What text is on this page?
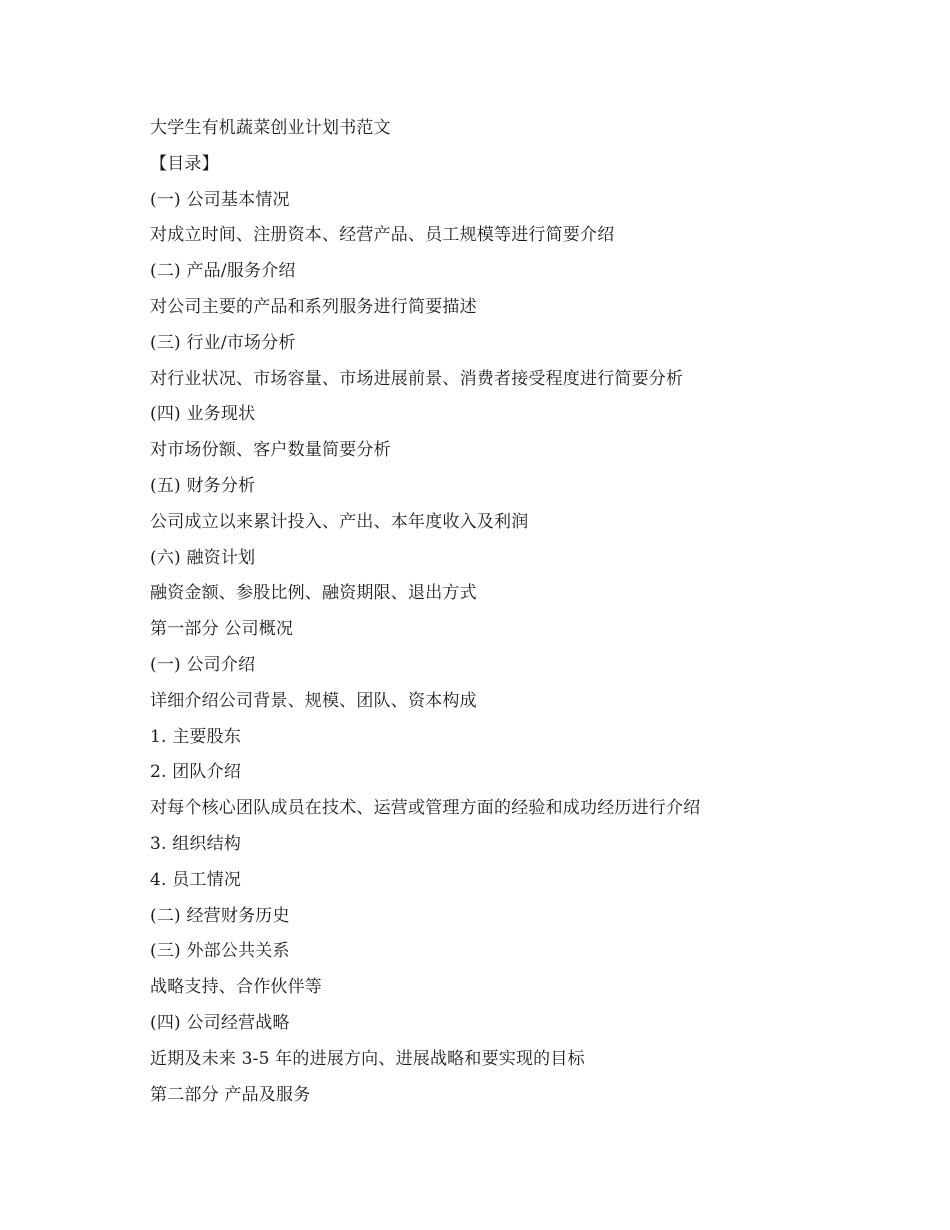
大学生有机蔬菜创业计划书范文
【目录】
(一) 公司基本情况
对成立时间、注册资本、经营产品、员工规模等进行简要介绍
(二) 产品/服务介绍
对公司主要的产品和系列服务进行简要描述
(三) 行业/市场分析
对行业状况、市场容量、市场进展前景、消费者接受程度进行简要分析
(四) 业务现状
对市场份额、客户数量简要分析
(五) 财务分析
公司成立以来累计投入、产出、本年度收入及利润
(六) 融资计划
融资金额、参股比例、融资期限、退出方式
第一部分 公司概况
(一) 公司介绍
详细介绍公司背景、规模、团队、资本构成
1. 主要股东
2. 团队介绍
对每个核心团队成员在技术、运营或管理方面的经验和成功经历进行介绍
3. 组织结构
4. 员工情况
(二) 经营财务历史
(三) 外部公共关系
战略支持、合作伙伴等
(四) 公司经营战略
近期及未来 3-5 年的进展方向、进展战略和要实现的目标
第二部分 产品及服务
